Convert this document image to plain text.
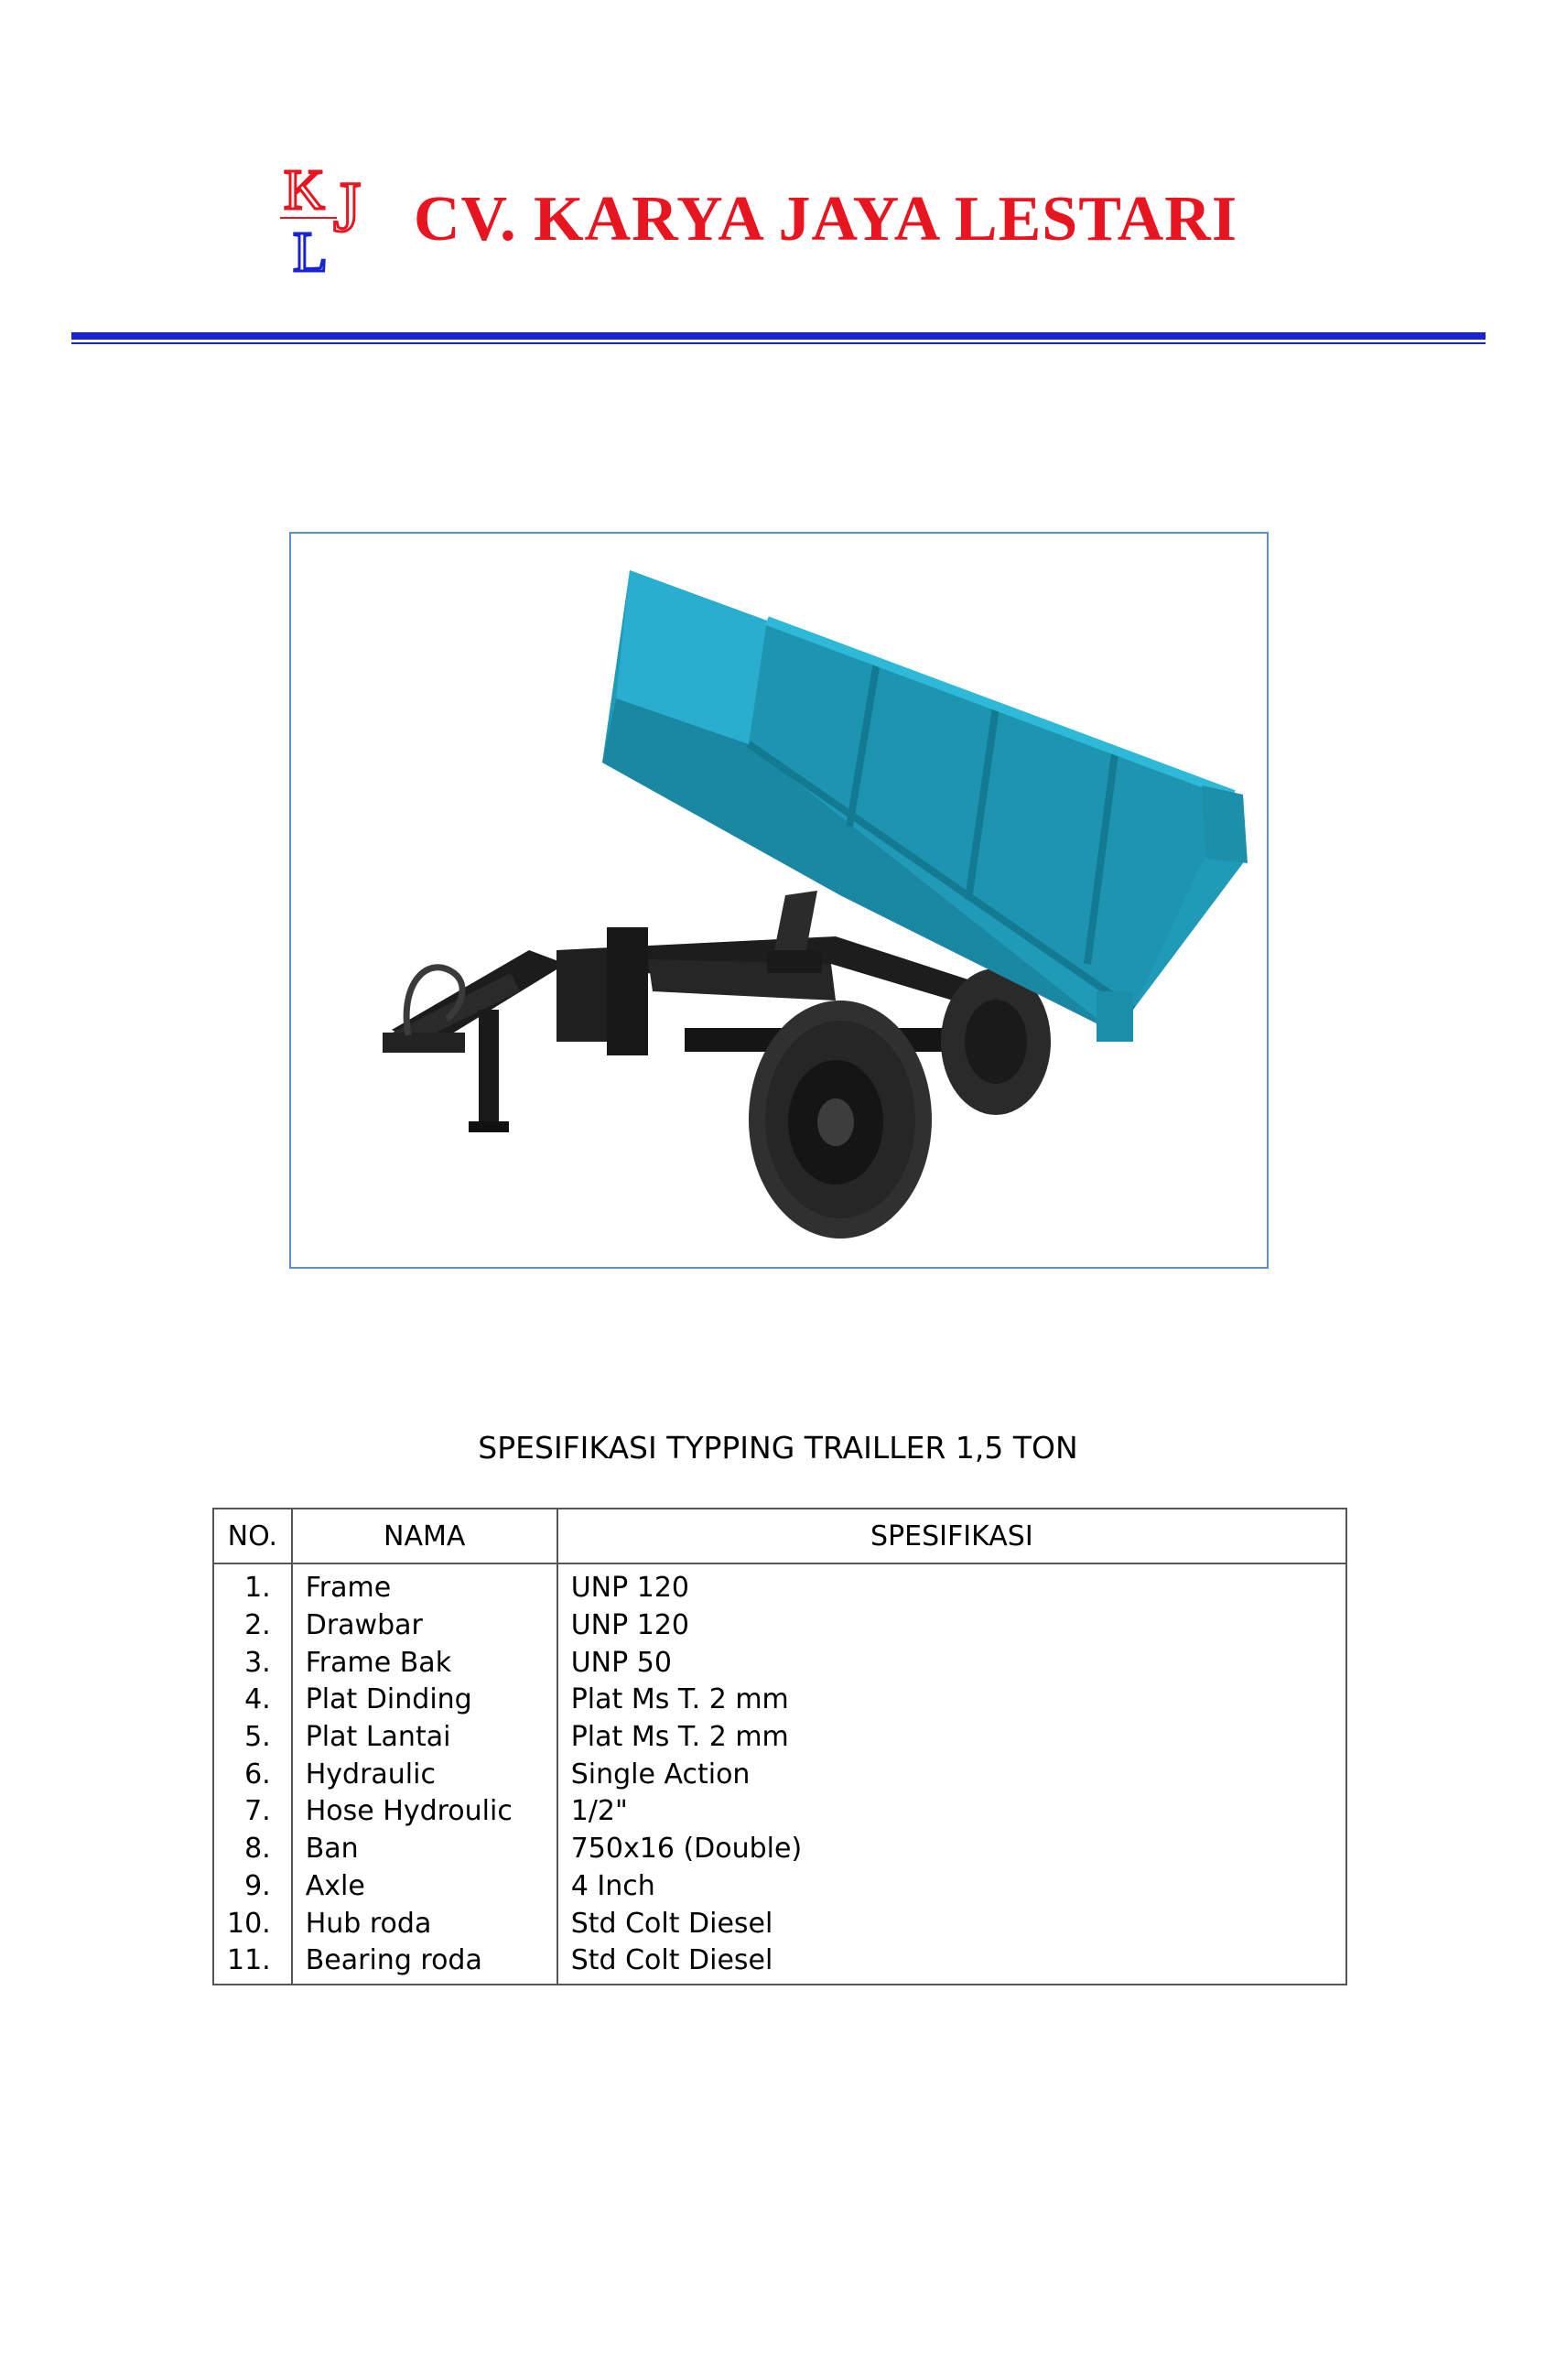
K J
L CV. KARYA JAYA LESTARI
SPESIFIKASI TYPPING TRAILLER 1,5 TON
NO.	NAMA	SPESIFIKASI
1.	Frame	UNP 120
2.	Drawbar	UNP 120
3.	Frame Bak	UNP 50
4.	Plat Dinding	Plat Ms T. 2 mm
5.	Plat Lantai	Plat Ms T. 2 mm
6.	Hydraulic	Single Action
7.	Hose Hydroulic	1/2"
8.	Ban	750x16 (Double)
9.	Axle	4 Inch
10.	Hub roda	Std Colt Diesel
11.	Bearing roda	Std Colt Diesel
